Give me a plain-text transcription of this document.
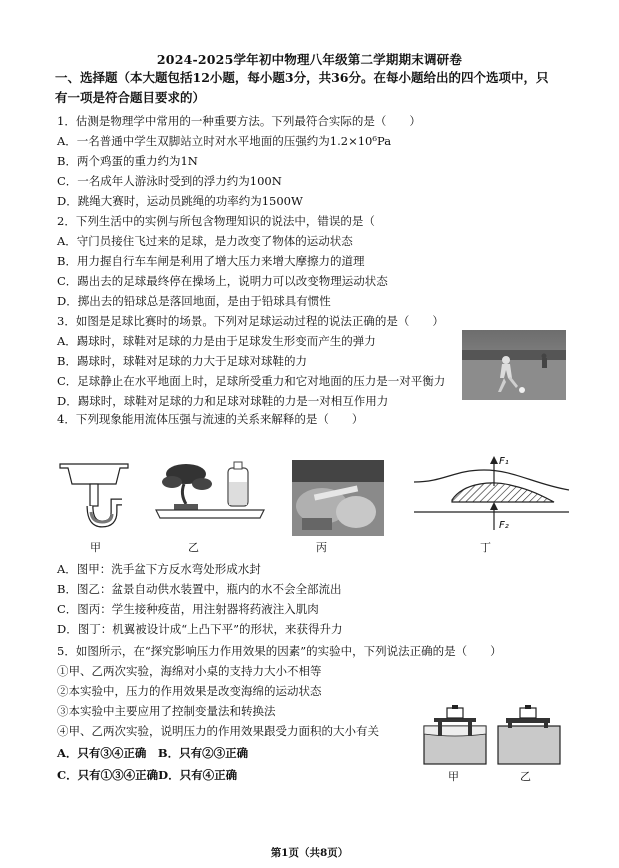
2024-2025学年初中物理八年级第二学期期末调研卷
一、选择题（本大题包括12小题，每小题3分，共36分。在每小题给出的四个选项中，只
有一项是符合题目要求的）
1．估测是物理学中常用的一种重要方法。下列最符合实际的是（　　）
A．一名普通中学生双脚站立时对水平地面的压强约为1.2×10⁶Pa
B．两个鸡蛋的重力约为1N
C．一名成年人游泳时受到的浮力约为100N
D．跳绳大赛时，运动员跳绳的功率约为1500W
2．下列生活中的实例与所包含物理知识的说法中，错误的是（
A．守门员接住飞过来的足球，是力改变了物体的运动状态
B．用力握自行车车闸是利用了增大压力来增大摩擦力的道理
C．踢出去的足球最终停在操场上，说明力可以改变物理运动状态
D．掷出去的铅球总是落回地面，是由于铅球具有惯性
3．如图是足球比赛时的场景。下列对足球运动过程的说法正确的是（　　）
A．踢球时，球鞋对足球的力是由于足球发生形变而产生的弹力
B．踢球时，球鞋对足球的力大于足球对球鞋的力
C．足球静止在水平地面上时，足球所受重力和它对地面的压力是一对平衡力
D．踢球时，球鞋对足球的力和足球对球鞋的力是一对相互作用力
4．下列现象能用流体压强与流速的关系来解释的是（　　）
甲	乙	丙
F₁
F₂
丁
A．图甲：洗手盆下方反水弯处形成水封
B．图乙：盆景自动供水装置中，瓶内的水不会全部流出
C．图丙：学生接种疫苗，用注射器将药液注入肌肉
D．图丁：机翼被设计成“上凸下平”的形状，来获得升力
5．如图所示，在“探究影响压力作用效果的因素”的实验中，下列说法正确的是（　　）
①甲、乙两次实验，海绵对小桌的支持力大小不相等
②本实验中，压力的作用效果是改变海绵的运动状态
③本实验中主要应用了控制变量法和转换法
④甲、乙两次实验，说明压力的作用效果跟受力面积的大小有关
A．只有③④正确　B．只有②③正确
C．只有①③④正确D．只有④正确	甲	乙
第1页（共8页）
